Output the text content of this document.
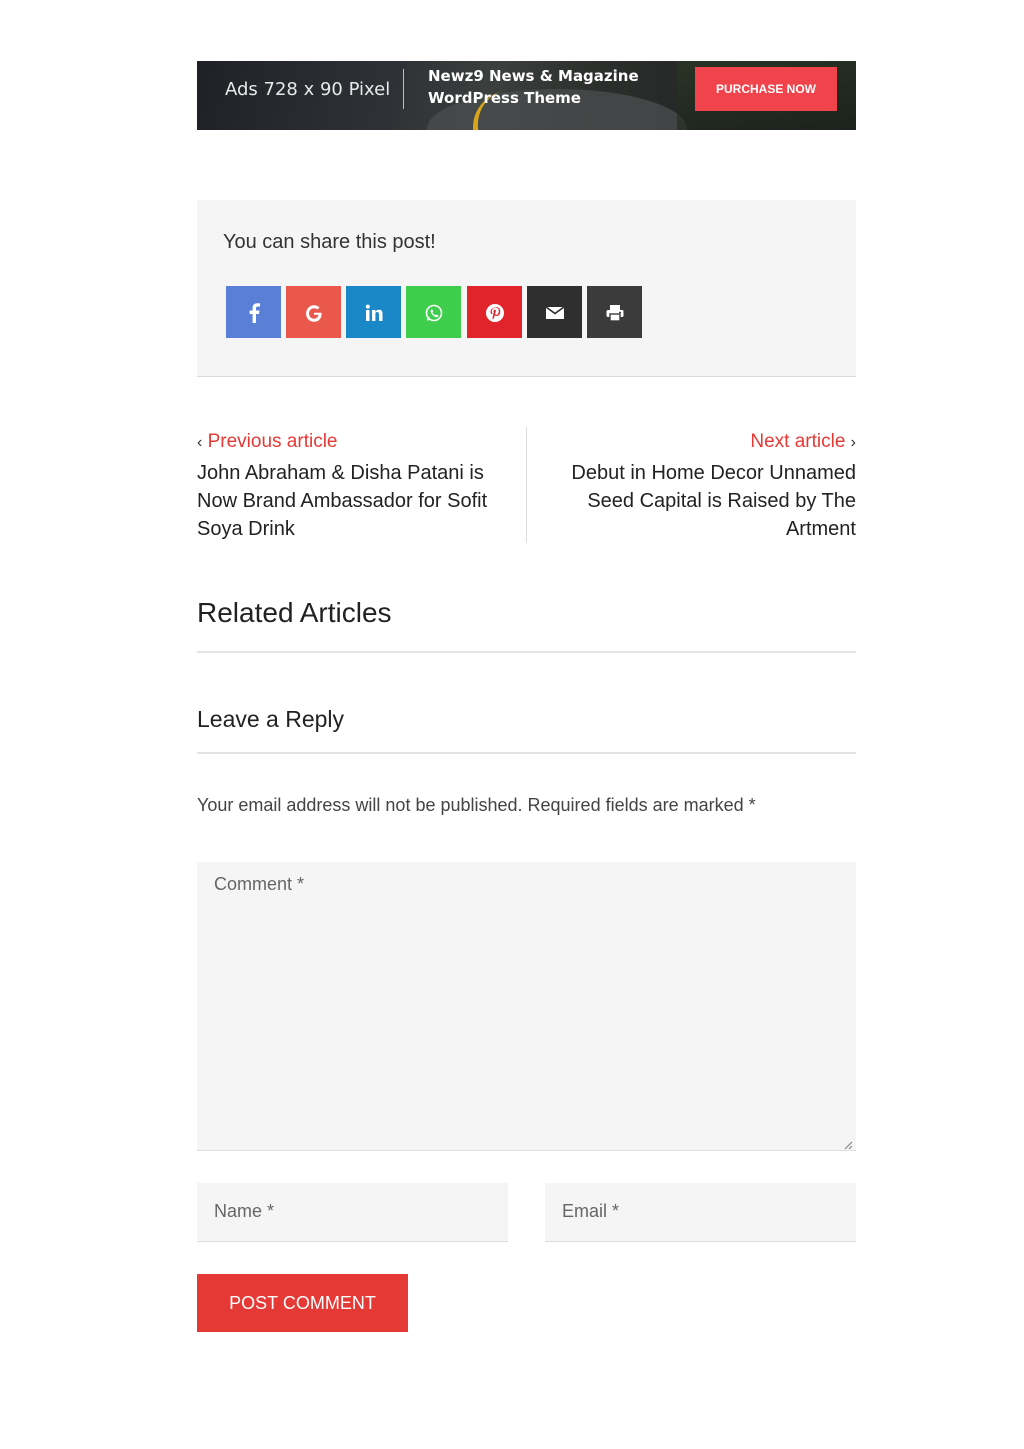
Ads 728 x 90 Pixel
Newz9 News & Magazine
WordPress Theme	PURCHASE NOW
You can share this post!
‹ Previous article
John Abraham & Disha Patani is Now Brand Ambassador for Sofit Soya Drink
Next article ›
Debut in Home Decor Unnamed Seed Capital is Raised by The Artment
Related Articles
Leave a Reply
Your email address will not be published. Required fields are marked *
Comment *
Name *	Email *
POST COMMENT
